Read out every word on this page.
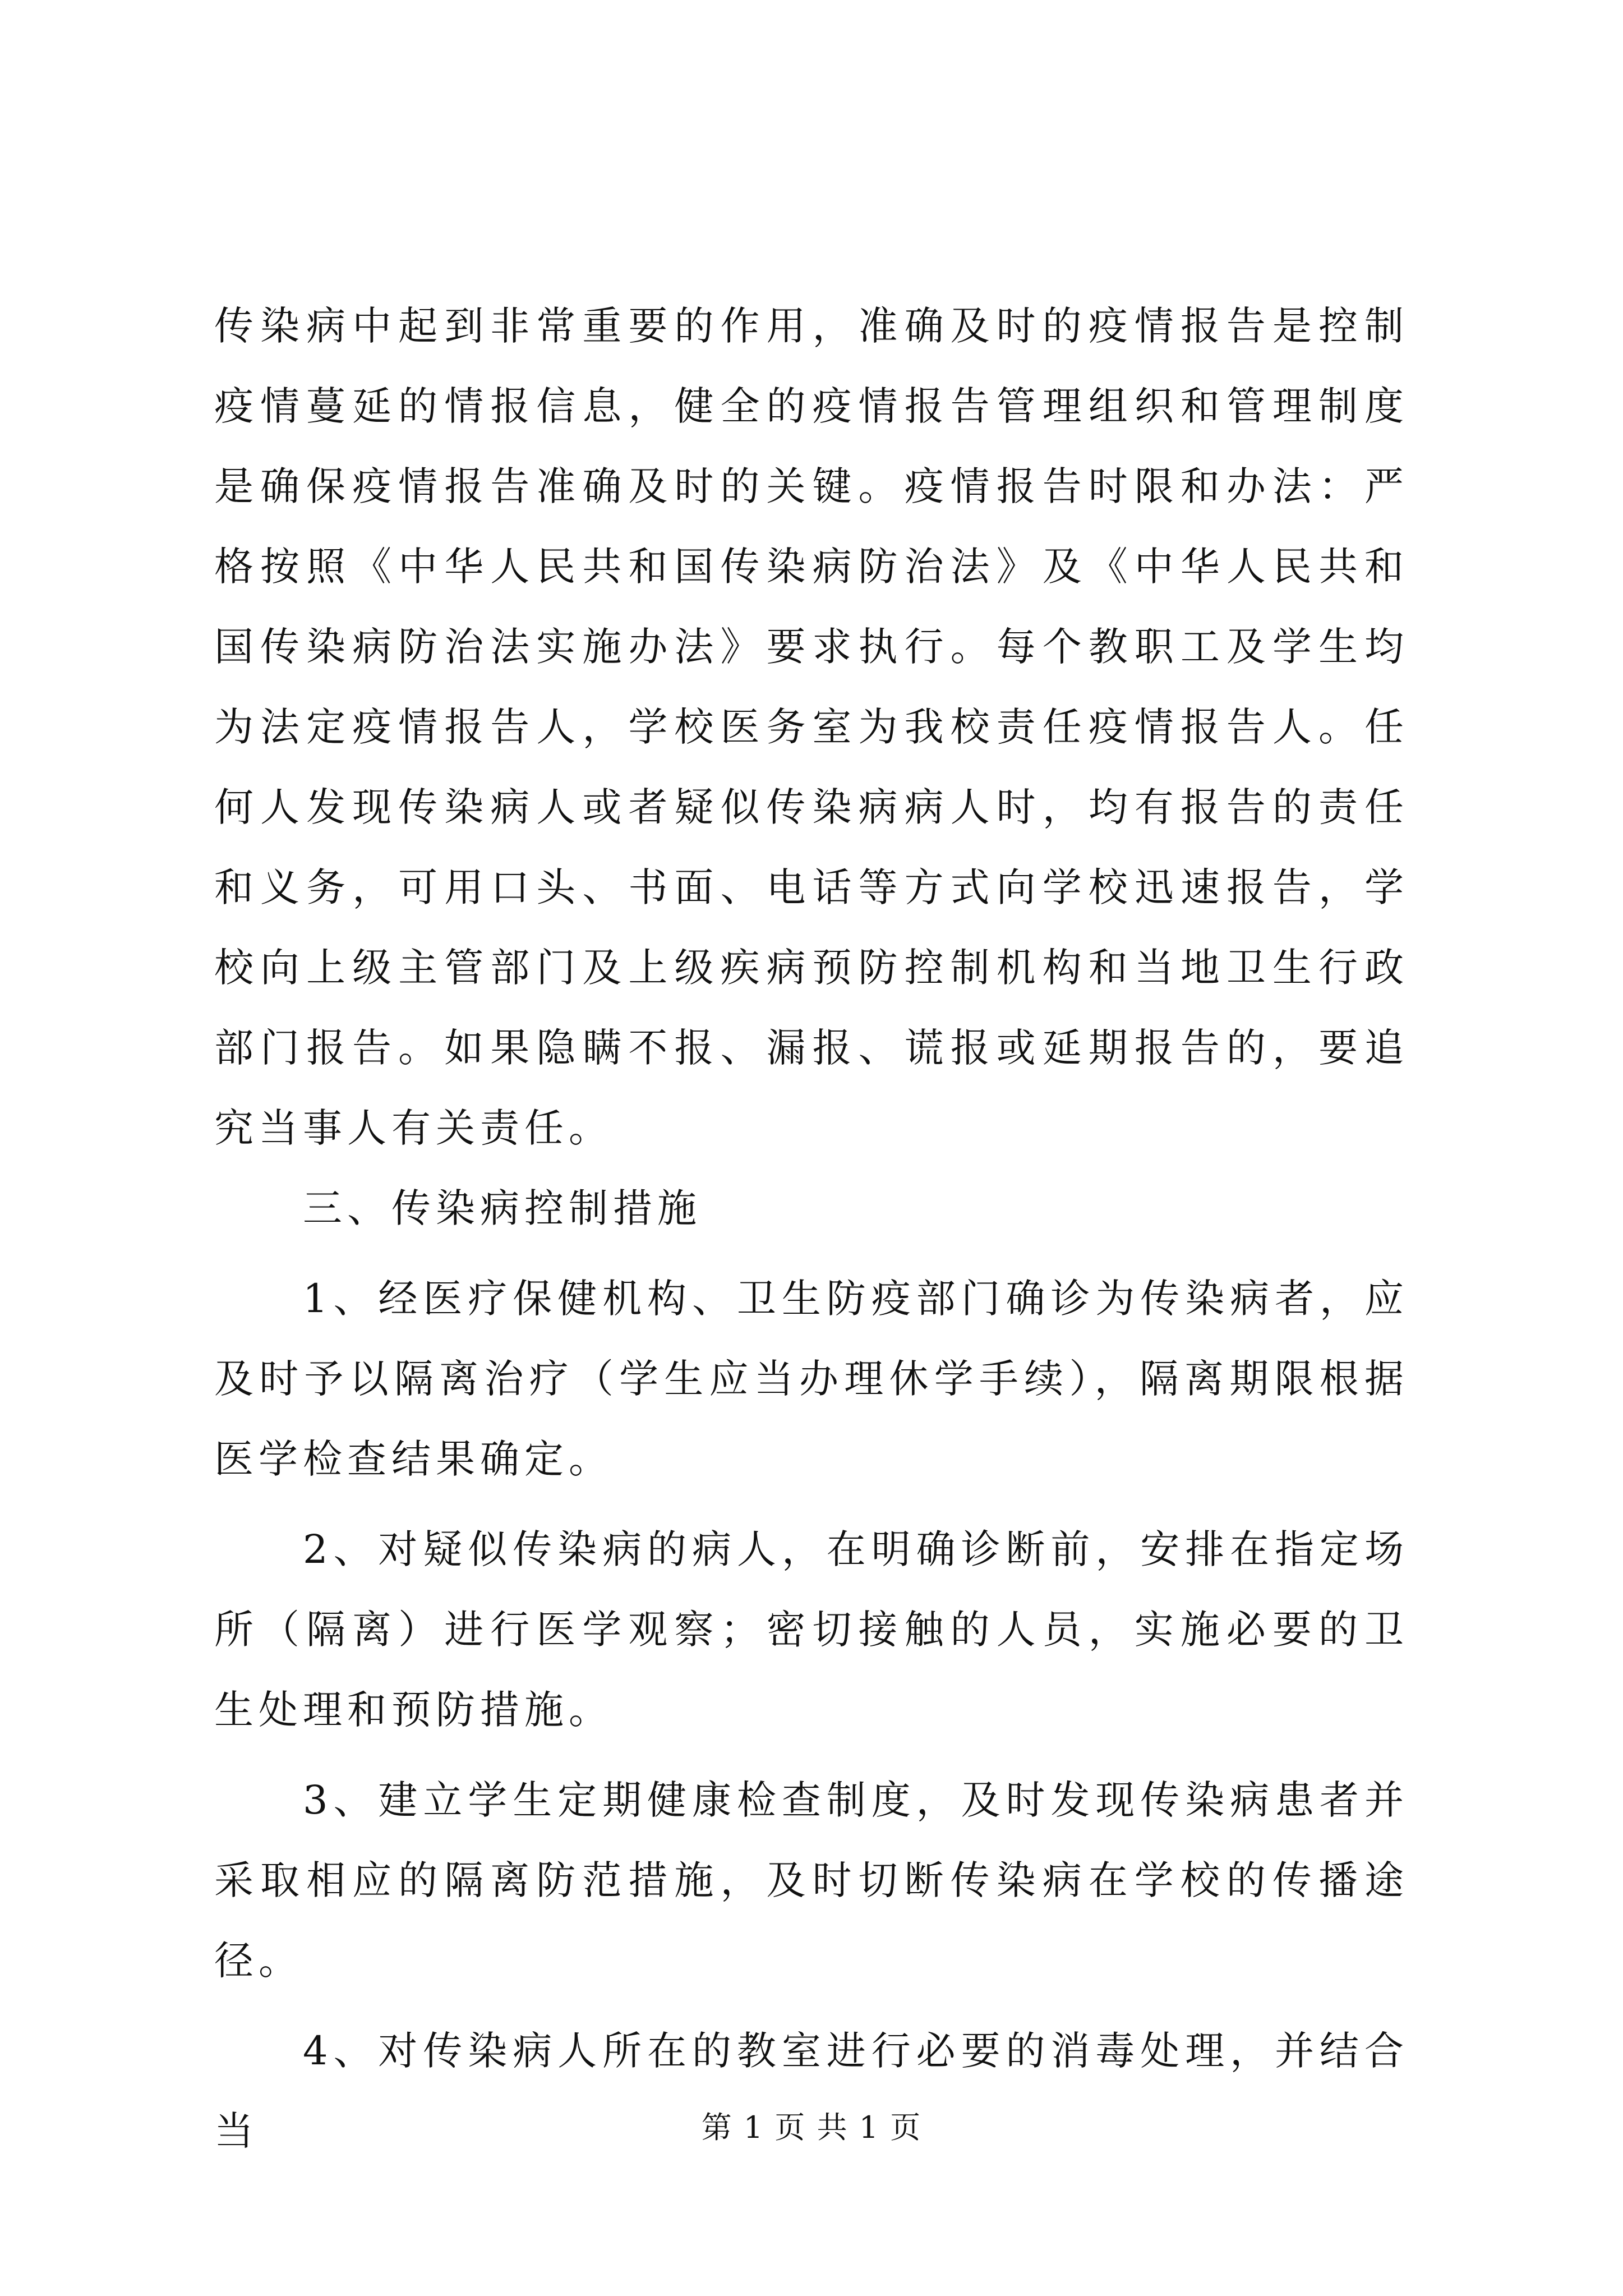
传染病中起到非常重要的作用，准确及时的疫情报告是控制疫情蔓延的情报信息，健全的疫情报告管理组织和管理制度是确保疫情报告准确及时的关键。疫情报告时限和办法：严格按照《中华人民共和国传染病防治法》及《中华人民共和国传染病防治法实施办法》要求执行。每个教职工及学生均为法定疫情报告人，学校医务室为我校责任疫情报告人。任何人发现传染病人或者疑似传染病病人时，均有报告的责任和义务，可用口头、书面、电话等方式向学校迅速报告，学校向上级主管部门及上级疾病预防控制机构和当地卫生行政部门报告。如果隐瞒不报、漏报、谎报或延期报告的，要追究当事人有关责任。

三、传染病控制措施

1、经医疗保健机构、卫生防疫部门确诊为传染病者，应及时予以隔离治疗（学生应当办理休学手续），隔离期限根据医学检查结果确定。

2、对疑似传染病的病人，在明确诊断前，安排在指定场所（隔离）进行医学观察；密切接触的人员，实施必要的卫生处理和预防措施。

3、建立学生定期健康检查制度，及时发现传染病患者并采取相应的隔离防范措施，及时切断传染病在学校的传播途径。

4、对传染病人所在的教室进行必要的消毒处理，并结合当	第 1 页 共 1 页
